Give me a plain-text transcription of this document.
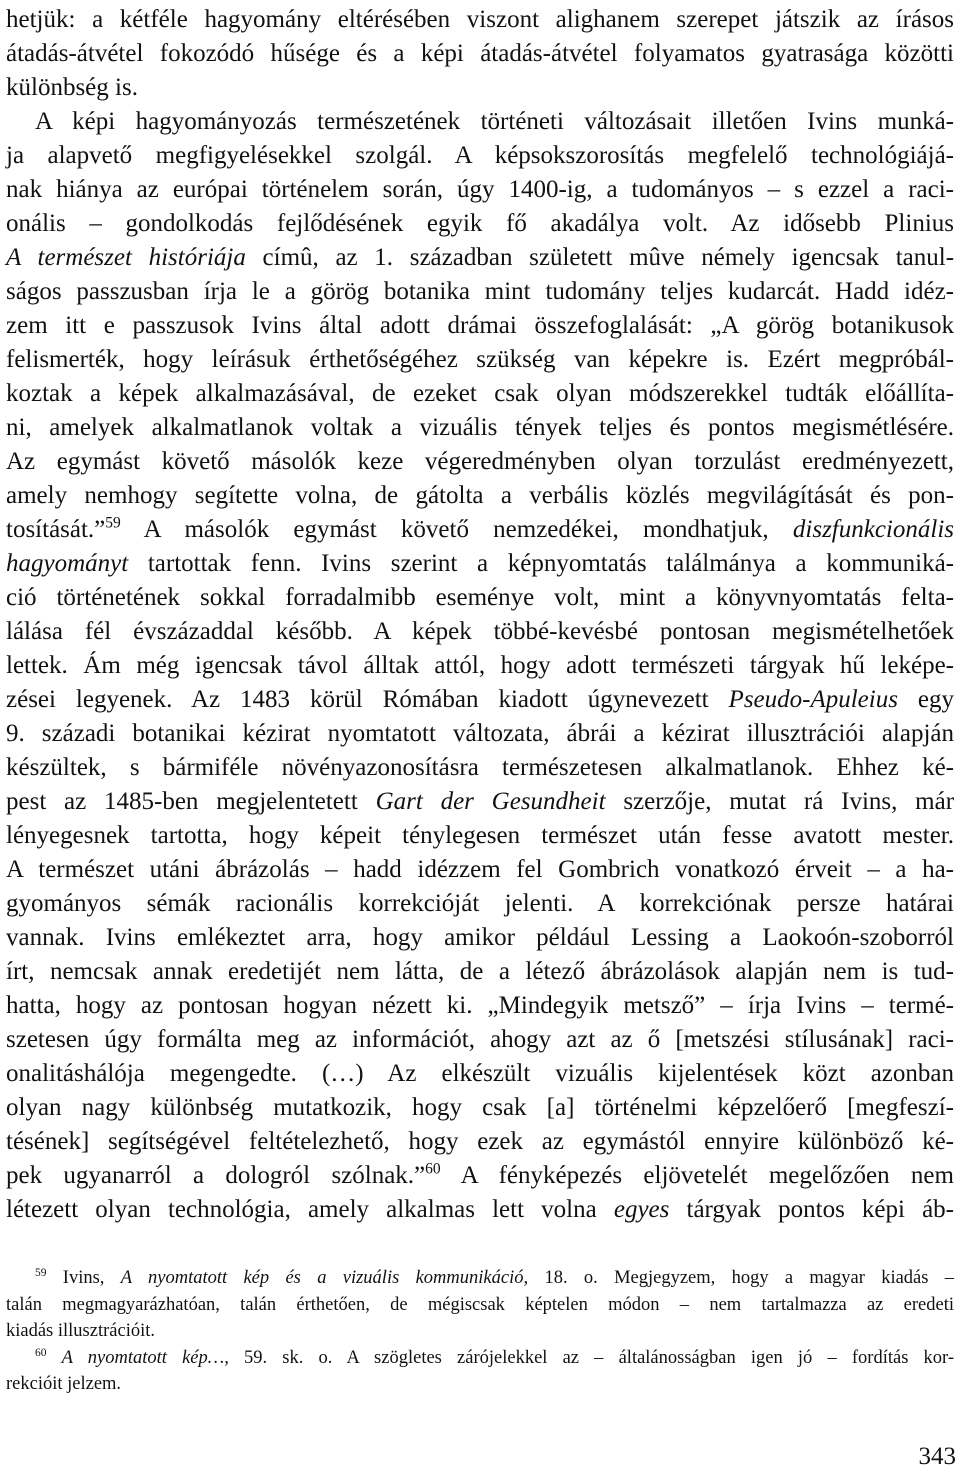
hetjük: a kétféle hagyomány eltérésében viszont alighanem szerepet játszik az írásos
átadás-átvétel fokozódó hűsége és a képi átadás-átvétel folyamatos gyatrasága közötti
különbség is.
A képi hagyományozás természetének történeti változásait illetően Ivins munká-
ja alapvető megfigyelésekkel szolgál. A képsokszorosítás megfelelő technológiájá-
nak hiánya az európai történelem során, úgy 1400-ig, a tudományos – s ezzel a raci-
onális – gondolkodás fejlődésének egyik fő akadálya volt. Az idősebb Plinius
A természet históriája címû, az 1. században született mûve némely igencsak tanul-
ságos passzusban írja le a görög botanika mint tudomány teljes kudarcát. Hadd idéz-
zem itt e passzusok Ivins által adott drámai összefoglalását: „A görög botanikusok
felismerték, hogy leírásuk érthetőségéhez szükség van képekre is. Ezért megpróbál-
koztak a képek alkalmazásával, de ezeket csak olyan módszerekkel tudták előállíta-
ni, amelyek alkalmatlanok voltak a vizuális tények teljes és pontos megismétlésére.
Az egymást követő másolók keze végeredményben olyan torzulást eredményezett,
amely nemhogy segítette volna, de gátolta a verbális közlés megvilágítását és pon-
tosítását.”$^{59}$ A másolók egymást követő nemzedékei, mondhatjuk, diszfunkcionális
hagyományt tartottak fenn. Ivins szerint a képnyomtatás találmánya a kommuniká-
ció történetének sokkal forradalmibb eseménye volt, mint a könyvnyomtatás felta-
lálása fél évszázaddal később. A képek többé-kevésbé pontosan megismételhetőek
lettek. Ám még igencsak távol álltak attól, hogy adott természeti tárgyak hű leképe-
zései legyenek. Az 1483 körül Rómában kiadott úgynevezett Pseudo-Apuleius egy
9. századi botanikai kézirat nyomtatott változata, ábrái a kézirat illusztrációi alapján
készültek, s bármiféle növényazonosításra természetesen alkalmatlanok. Ehhez ké-
pest az 1485-ben megjelentetett Gart der Gesundheit szerzője, mutat rá Ivins, már
lényegesnek tartotta, hogy képeit ténylegesen természet után fesse avatott mester.
A természet utáni ábrázolás – hadd idézzem fel Gombrich vonatkozó érveit – a ha-
gyományos sémák racionális korrekcióját jelenti. A korrekciónak persze határai
vannak. Ivins emlékeztet arra, hogy amikor például Lessing a Laokoón-szoborról
írt, nemcsak annak eredetijét nem látta, de a létező ábrázolások alapján nem is tud-
hatta, hogy az pontosan hogyan nézett ki. „Mindegyik metsző” – írja Ivins – termé-
szetesen úgy formálta meg az információt, ahogy azt az ő [metszési stílusának] raci-
onalitáshálója megengedte. (…) Az elkészült vizuális kijelentések közt azonban
olyan nagy különbség mutatkozik, hogy csak [a] történelmi képzelőerő [megfeszí-
tésének] segítségével feltételezhető, hogy ezek az egymástól ennyire különböző ké-
pek ugyanarról a dologról szólnak.”$^{60}$ A fényképezés eljövetelét megelőzően nem
létezett olyan technológia, amely alkalmas lett volna egyes tárgyak pontos képi áb-
$^{59}$ Ivins, A nyomtatott kép és a vizuális kommunikáció, 18. o. Megjegyzem, hogy a magyar kiadás –
talán megmagyarázhatóan, talán érthetően, de mégiscsak képtelen módon – nem tartalmazza az eredeti
kiadás illusztrációit.
$^{60}$ A nyomtatott kép…, 59. sk. o. A szögletes zárójelekkel az – általánosságban igen jó – fordítás kor-
rekcióit jelzem.
343
